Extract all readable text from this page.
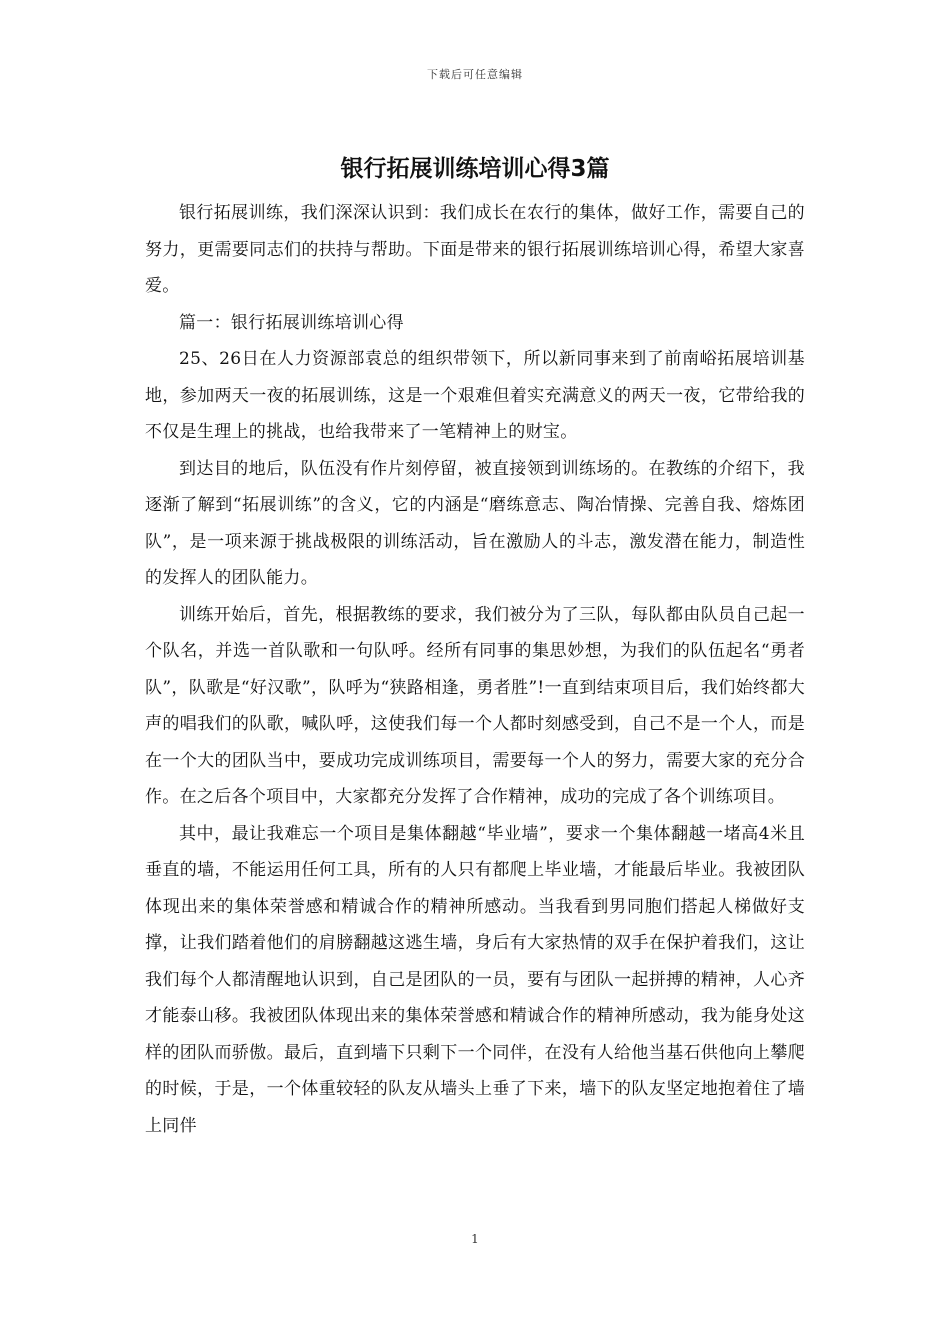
下载后可任意编辑
银行拓展训练培训心得3篇

银行拓展训练，我们深深认识到：我们成长在农行的集体，做好工作，需要自己的努力，更需要同志们的扶持与帮助。下面是带来的银行拓展训练培训心得，希望大家喜爱。

篇一：银行拓展训练培训心得

25、26日在人力资源部袁总的组织带领下，所以新同事来到了前南峪拓展培训基地，参加两天一夜的拓展训练，这是一个艰难但着实充满意义的两天一夜，它带给我的不仅是生理上的挑战，也给我带来了一笔精神上的财宝。

到达目的地后，队伍没有作片刻停留，被直接领到训练场的。在教练的介绍下，我逐渐了解到“拓展训练”的含义，它的内涵是“磨练意志、陶冶情操、完善自我、熔炼团队”，是一项来源于挑战极限的训练活动，旨在激励人的斗志，激发潜在能力，制造性的发挥人的团队能力。

训练开始后，首先，根据教练的要求，我们被分为了三队，每队都由队员自己起一个队名，并选一首队歌和一句队呼。经所有同事的集思妙想，为我们的队伍起名“勇者队”，队歌是“好汉歌”，队呼为“狭路相逢，勇者胜”!一直到结束项目后，我们始终都大声的唱我们的队歌，喊队呼，这使我们每一个人都时刻感受到，自己不是一个人，而是在一个大的团队当中，要成功完成训练项目，需要每一个人的努力，需要大家的充分合作。在之后各个项目中，大家都充分发挥了合作精神，成功的完成了各个训练项目。

其中，最让我难忘一个项目是集体翻越“毕业墙”，要求一个集体翻越一堵高4米且垂直的墙，不能运用任何工具，所有的人只有都爬上毕业墙，才能最后毕业。我被团队体现出来的集体荣誉感和精诚合作的精神所感动。当我看到男同胞们搭起人梯做好支撑，让我们踏着他们的肩膀翻越这逃生墙，身后有大家热情的双手在保护着我们，这让我们每个人都清醒地认识到，自己是团队的一员，要有与团队一起拼搏的精神，人心齐才能泰山移。我被团队体现出来的集体荣誉感和精诚合作的精神所感动，我为能身处这样的团队而骄傲。最后，直到墙下只剩下一个同伴，在没有人给他当基石供他向上攀爬的时候，于是，一个体重较轻的队友从墙头上垂了下来，墙下的队友坚定地抱着住了墙上同伴

1
